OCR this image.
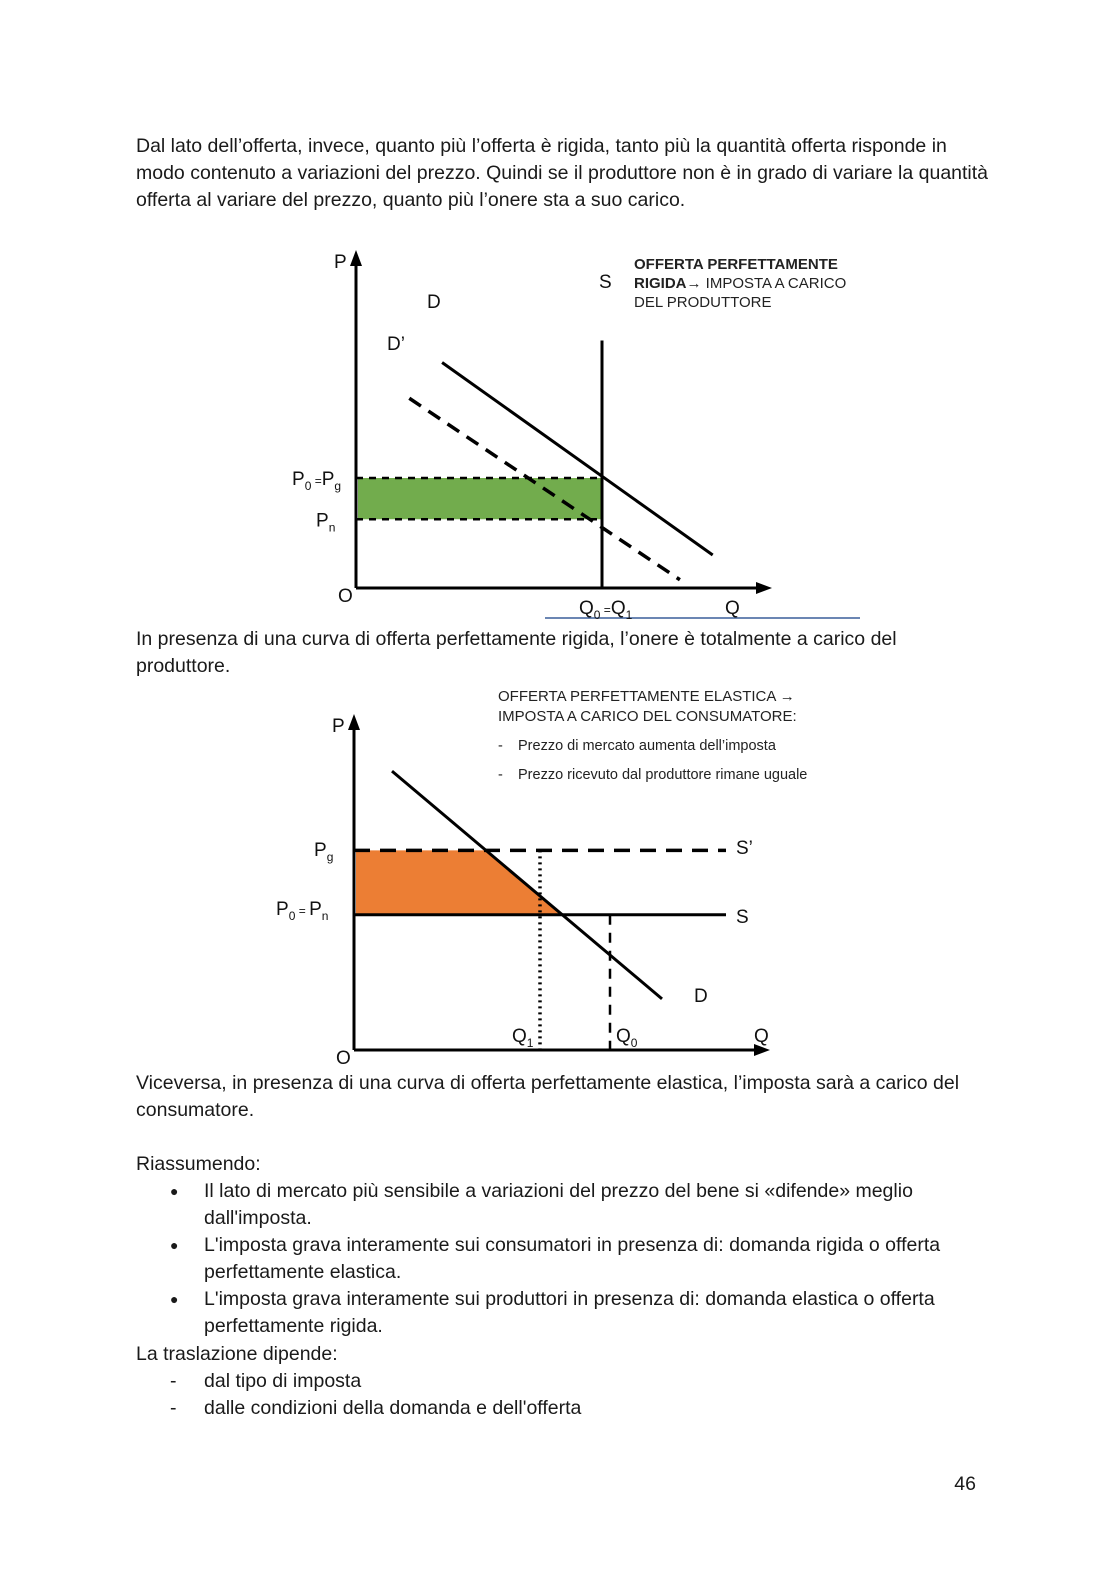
Dal lato dell’offerta, invece, quanto più l’offerta è rigida, tanto più la quantità offerta risponde in modo contenuto a variazioni del prezzo. Quindi se il produttore non è in grado di variare la quantità offerta al variare del prezzo, quanto più l’onere sta a suo carico.

$P_0$ $^=P_g$
$P_n$
P
O
D
D’
S
$Q_0$ $^=Q_1$	Q
OFFERTA PERFETTAMENTE
RIGIDA→ IMPOSTA A CARICO
DEL PRODUTTORE

In presenza di una curva di offerta perfettamente rigida, l’onere è totalmente a carico del produttore.

P
O
D
S
S’
$Q_1$	$Q_0$
$P_g$
$P_0$ = $P_n$
Q
OFFERTA PERFETTAMENTE ELASTICA →
IMPOSTA A CARICO DEL CONSUMATORE:
- Prezzo di mercato aumenta dell’imposta
- Prezzo ricevuto dal produttore rimane uguale

Viceversa, in presenza di una curva di offerta perfettamente elastica, l’imposta sarà a carico del consumatore.

Riassumendo:

● Il lato di mercato più sensibile a variazioni del prezzo del bene si «difende» meglio dall'imposta.
● L'imposta grava interamente sui consumatori in presenza di: domanda rigida o offerta perfettamente elastica.
● L'imposta grava interamente sui produttori in presenza di: domanda elastica o offerta perfettamente rigida.

La traslazione dipende:

- dal tipo di imposta
- dalle condizioni della domanda e dell'offerta
46
